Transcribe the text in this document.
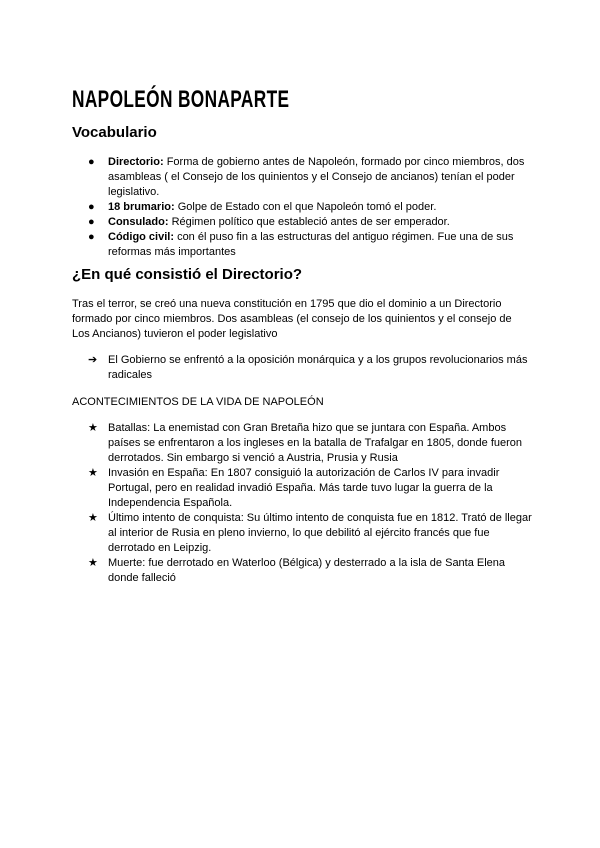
NAPOLEÓN BONAPARTE
Vocabulario
● Directorio: Forma de gobierno antes de Napoleón, formado por cinco miembros, dos asambleas ( el Consejo de los quinientos y el Consejo de ancianos) tenían el poder legislativo.
● 18 brumario: Golpe de Estado con el que Napoleón tomó el poder.
● Consulado: Régimen político que estableció antes de ser emperador.
● Código civil: con él puso fin a las estructuras del antiguo régimen. Fue una de sus reformas más importantes
¿En qué consistió el Directorio?
Tras el terror, se creó una nueva constitución en 1795 que dio el dominio a un Directorio formado por cinco miembros. Dos asambleas (el consejo de los quinientos y el consejo de Los Ancianos) tuvieron el poder legislativo
➔ El Gobierno se enfrentó a la oposición monárquica y a los grupos revolucionarios más radicales
ACONTECIMIENTOS DE LA VIDA DE NAPOLEÓN
★ Batallas: La enemistad con Gran Bretaña hizo que se juntara con España. Ambos países se enfrentaron a los ingleses en la batalla de Trafalgar en 1805, donde fueron derrotados. Sin embargo si venció a Austria, Prusia y Rusia
★ Invasión en España: En 1807 consiguió la autorización de Carlos IV para invadir Portugal, pero en realidad invadió España. Más tarde tuvo lugar la guerra de la Independencia Española.
★ Último intento de conquista: Su último intento de conquista fue en 1812. Trató de llegar al interior de Rusia en pleno invierno, lo que debilitó al ejército francés que fue derrotado en Leipzig.
★ Muerte: fue derrotado en Waterloo (Bélgica) y desterrado a la isla de Santa Elena donde falleció
